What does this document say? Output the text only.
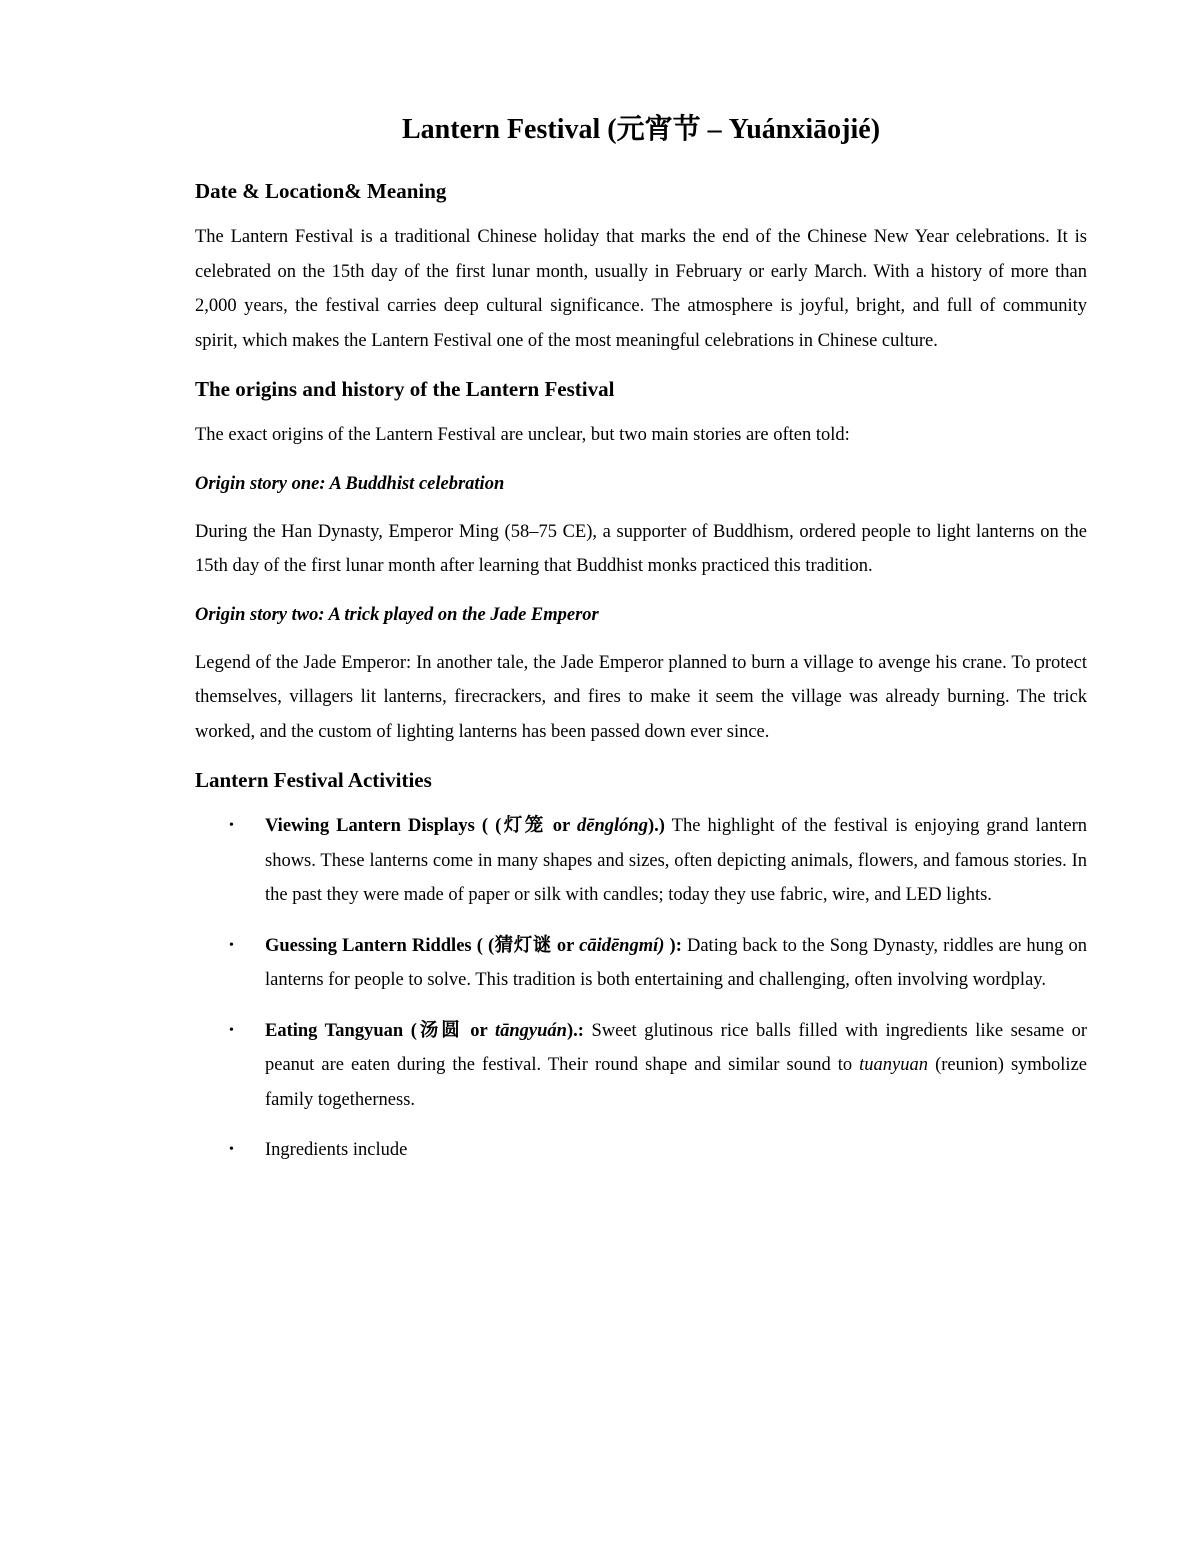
Lantern Festival (元宵节 – Yuánxiāojié)
Date & Location& Meaning

The Lantern Festival is a traditional Chinese holiday that marks the end of the Chinese New Year celebrations. It is celebrated on the 15th day of the first lunar month, usually in February or early March. With a history of more than 2,000 years, the festival carries deep cultural significance. The atmosphere is joyful, bright, and full of community spirit, which makes the Lantern Festival one of the most meaningful celebrations in Chinese culture.

The origins and history of the Lantern Festival

The exact origins of the Lantern Festival are unclear, but two main stories are often told:

Origin story one: A Buddhist celebration

During the Han Dynasty, Emperor Ming (58–75 CE), a supporter of Buddhism, ordered people to light lanterns on the 15th day of the first lunar month after learning that Buddhist monks practiced this tradition.

Origin story two: A trick played on the Jade Emperor

Legend of the Jade Emperor: In another tale, the Jade Emperor planned to burn a village to avenge his crane. To protect themselves, villagers lit lanterns, firecrackers, and fires to make it seem the village was already burning. The trick worked, and the custom of lighting lanterns has been passed down ever since.

Lantern Festival Activities
• Viewing Lantern Displays ( (灯笼 or dēnglóng).) The highlight of the festival is enjoying grand lantern shows. These lanterns come in many shapes and sizes, often depicting animals, flowers, and famous stories. In the past they were made of paper or silk with candles; today they use fabric, wire, and LED lights.
• Guessing Lantern Riddles ( (猜灯谜 or cāidēngmí) ): Dating back to the Song Dynasty, riddles are hung on lanterns for people to solve. This tradition is both entertaining and challenging, often involving wordplay.
• Eating Tangyuan (汤圆 or tāngyuán).: Sweet glutinous rice balls filled with ingredients like sesame or peanut are eaten during the festival. Their round shape and similar sound to tuanyuan (reunion) symbolize family togetherness.
• Ingredients include
